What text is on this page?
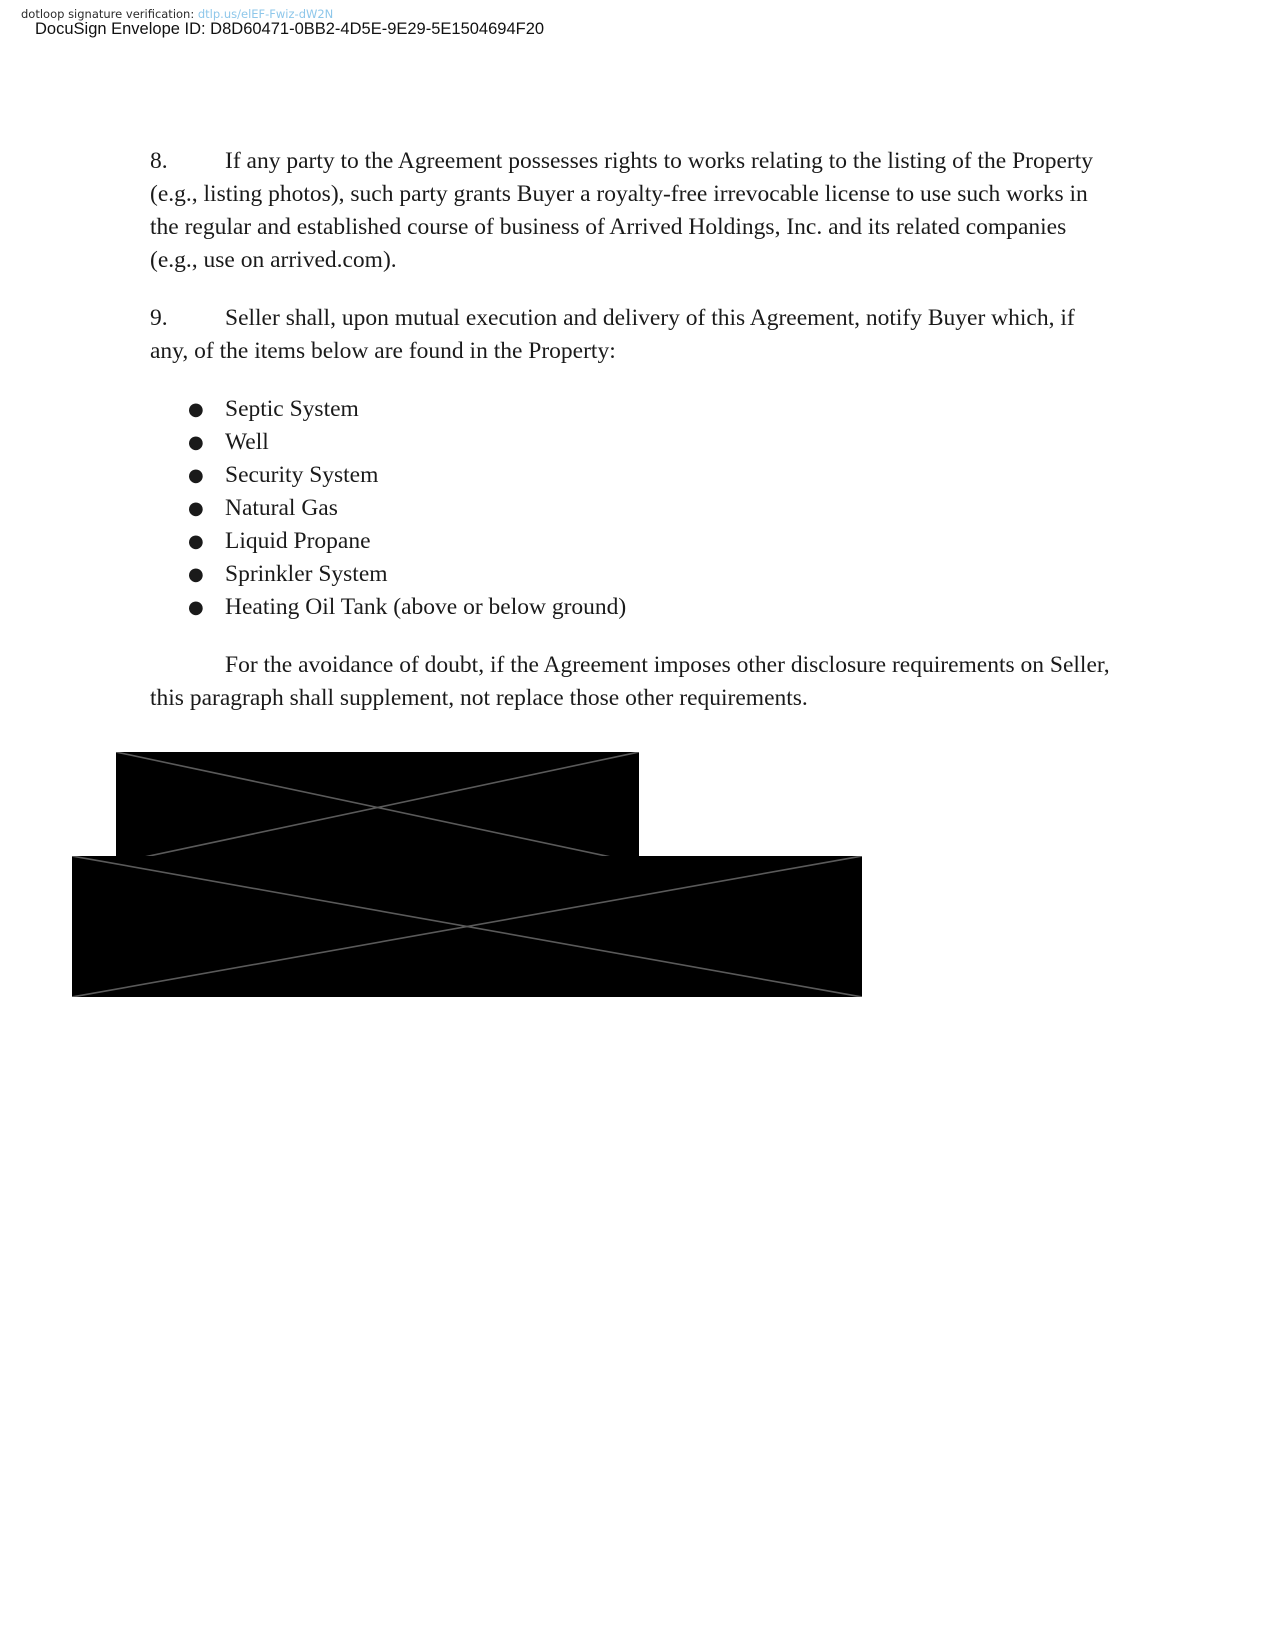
dotloop signature verification: dtlp.us/elEF-Fwiz-dW2N
DocuSign Envelope ID: D8D60471-0BB2-4D5E-9E29-5E1504694F20

8. If any party to the Agreement possesses rights to works relating to the listing of the Property (e.g., listing photos), such party grants Buyer a royalty-free irrevocable license to use such works in the regular and established course of business of Arrived Holdings, Inc. and its related companies (e.g., use on arrived.com).

9. Seller shall, upon mutual execution and delivery of this Agreement, notify Buyer which, if any, of the items below are found in the Property:

● Septic System
● Well
● Security System
● Natural Gas
● Liquid Propane
● Sprinkler System
● Heating Oil Tank (above or below ground)

For the avoidance of doubt, if the Agreement imposes other disclosure requirements on Seller, this paragraph shall supplement, not replace those other requirements.
